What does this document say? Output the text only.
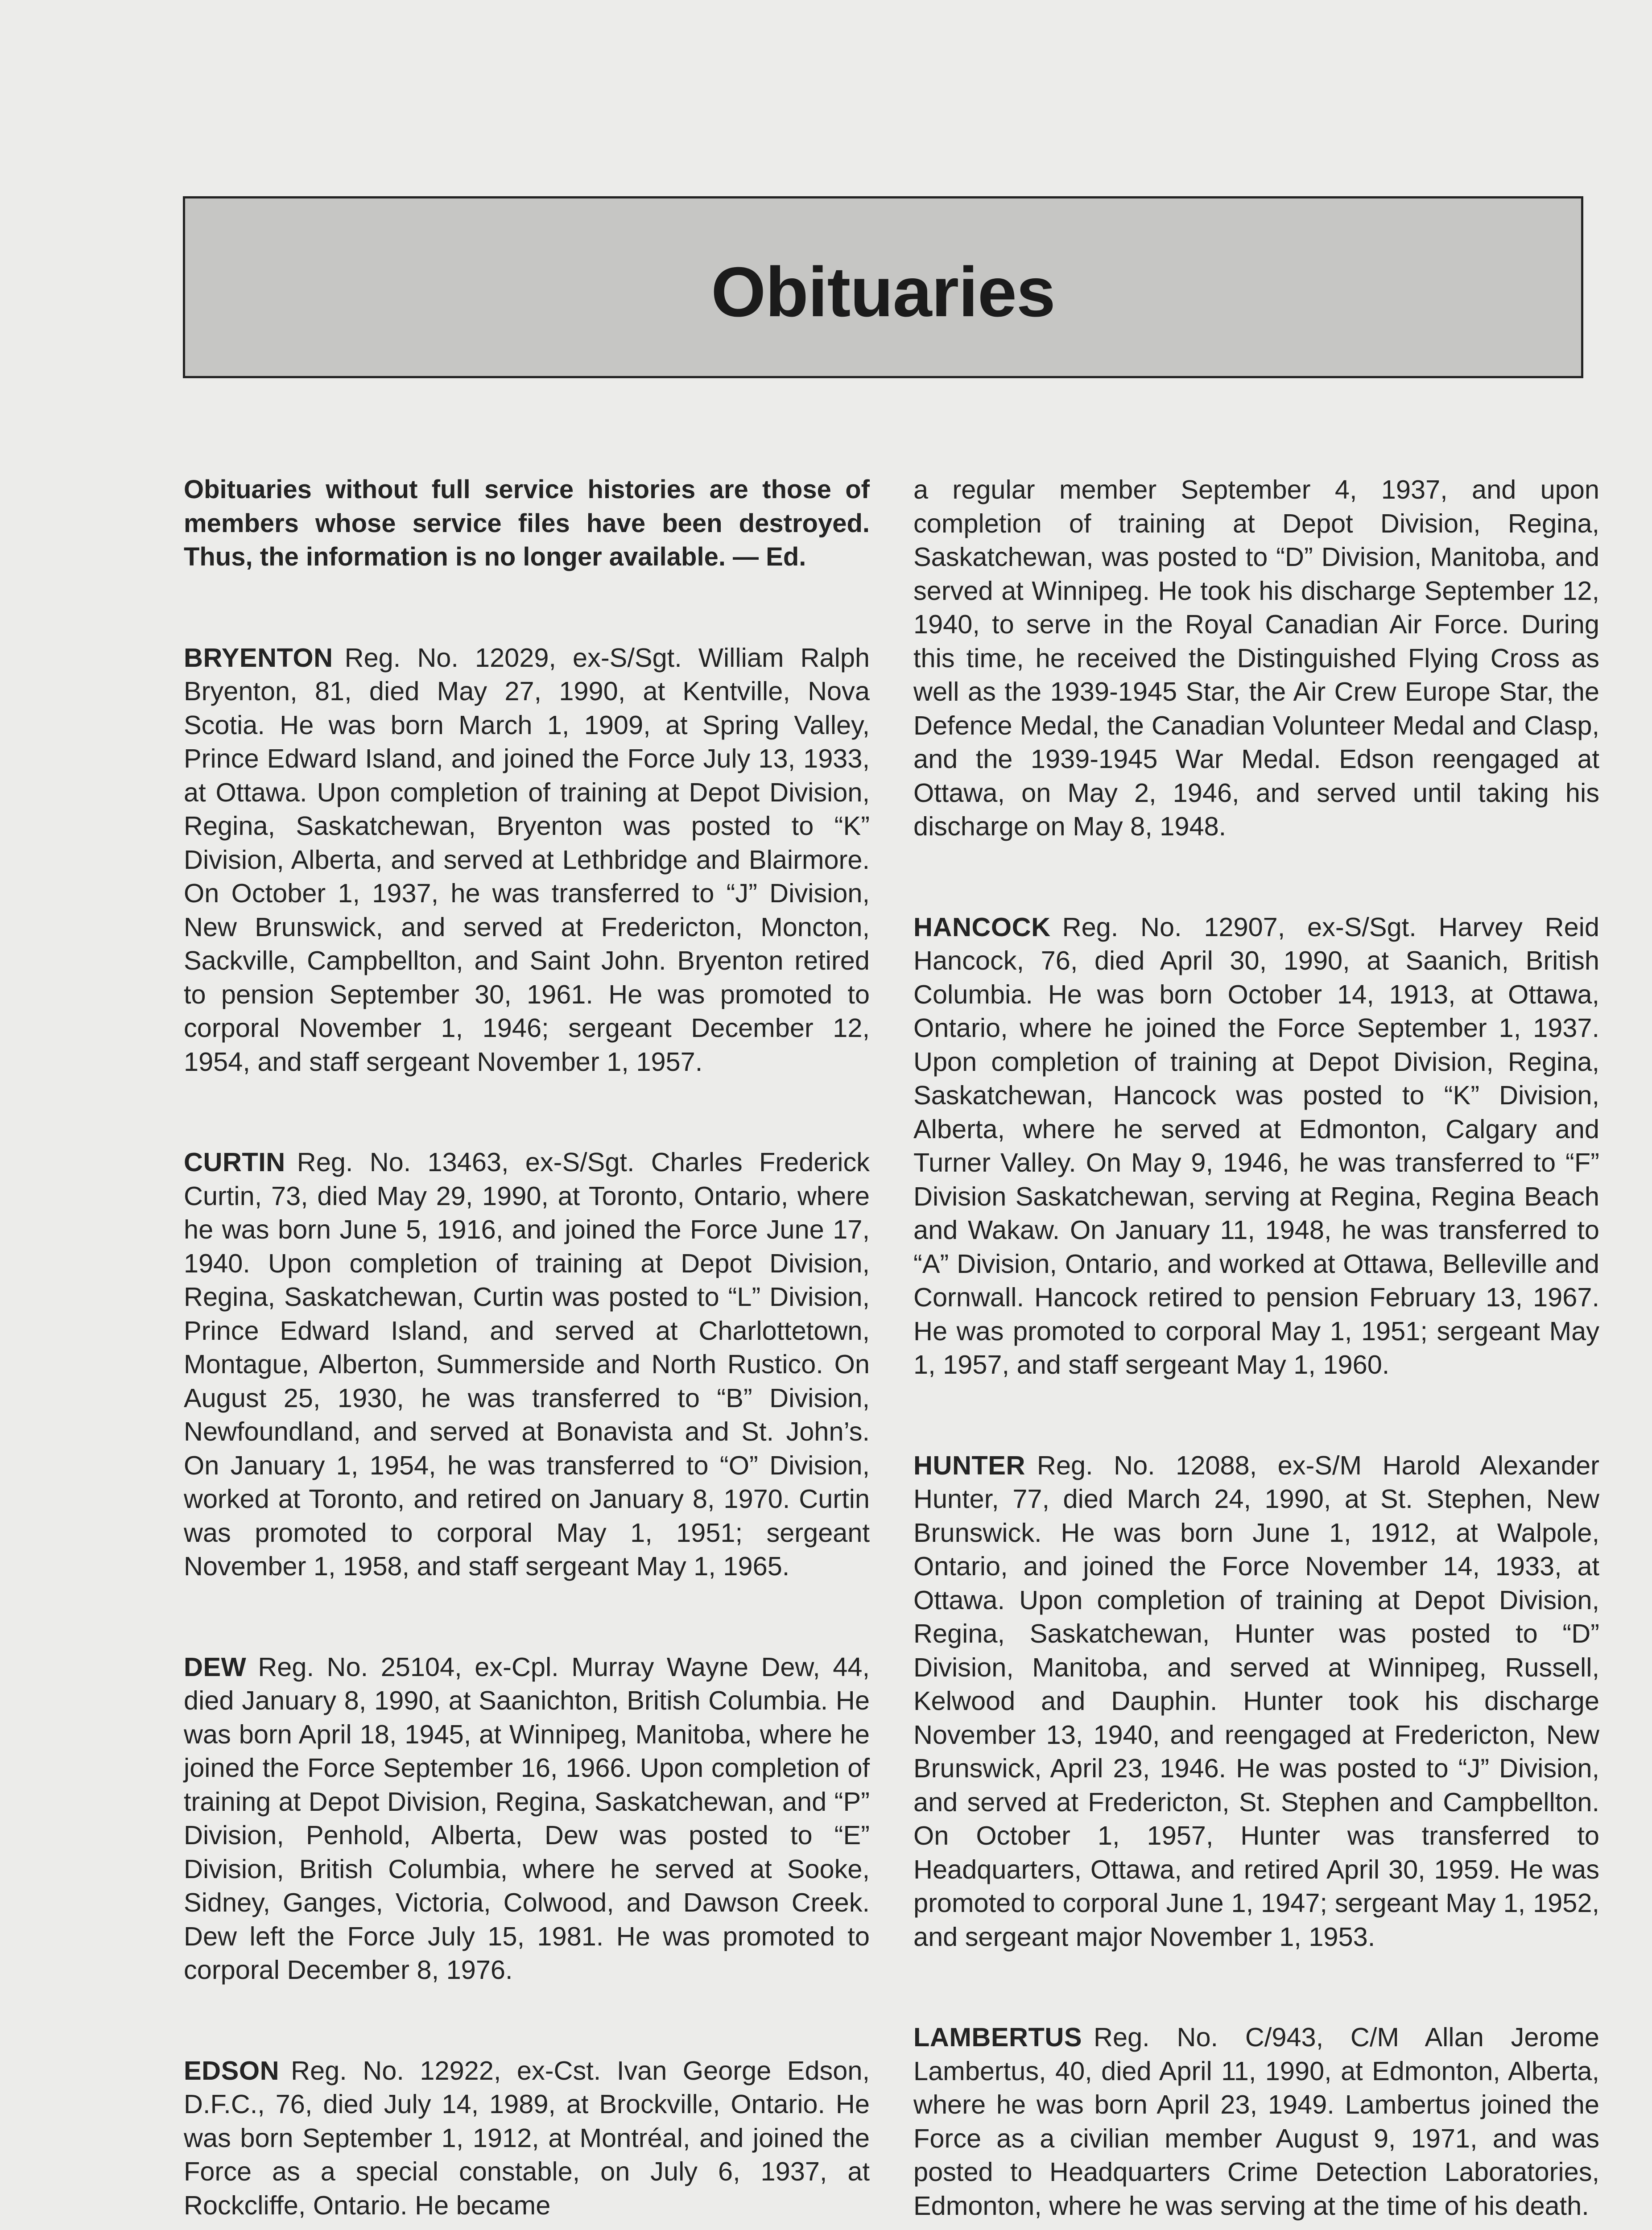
Obituaries

Obituaries without full service histories are those of members whose service files have been destroyed. Thus, the information is no longer available. — Ed.

BRYENTON Reg. No. 12029, ex-S/Sgt. William Ralph Bryenton, 81, died May 27, 1990, at Kentville, Nova Scotia. He was born March 1, 1909, at Spring Valley, Prince Edward Island, and joined the Force July 13, 1933, at Ottawa. Upon completion of training at Depot Division, Regina, Saskatchewan, Bryenton was posted to “K” Division, Alberta, and served at Lethbridge and Blairmore. On October 1, 1937, he was transferred to “J” Division, New Brunswick, and served at Fredericton, Moncton, Sackville, Campbellton, and Saint John. Bryenton retired to pension September 30, 1961. He was promoted to corporal November 1, 1946; sergeant December 12, 1954, and staff sergeant November 1, 1957.

CURTIN Reg. No. 13463, ex-S/Sgt. Charles Frederick Curtin, 73, died May 29, 1990, at Toronto, Ontario, where he was born June 5, 1916, and joined the Force June 17, 1940. Upon completion of training at Depot Division, Regina, Saskatchewan, Curtin was posted to “L” Division, Prince Edward Island, and served at Charlottetown, Montague, Alberton, Summerside and North Rustico. On August 25, 1930, he was transferred to “B” Division, Newfoundland, and served at Bonavista and St. John’s. On January 1, 1954, he was transferred to “O” Division, worked at Toronto, and retired on January 8, 1970. Curtin was promoted to corporal May 1, 1951; sergeant November 1, 1958, and staff sergeant May 1, 1965.

DEW Reg. No. 25104, ex-Cpl. Murray Wayne Dew, 44, died January 8, 1990, at Saanichton, British Columbia. He was born April 18, 1945, at Winnipeg, Manitoba, where he joined the Force September 16, 1966. Upon completion of training at Depot Division, Regina, Saskatchewan, and “P” Division, Penhold, Alberta, Dew was posted to “E” Division, British Columbia, where he served at Sooke, Sidney, Ganges, Victoria, Colwood, and Dawson Creek. Dew left the Force July 15, 1981. He was promoted to corporal December 8, 1976.

EDSON Reg. No. 12922, ex-Cst. Ivan George Edson, D.F.C., 76, died July 14, 1989, at Brockville, Ontario. He was born September 1, 1912, at Montréal, and joined the Force as a special constable, on July 6, 1937, at Rockcliffe, Ontario. He became

a regular member September 4, 1937, and upon completion of training at Depot Division, Regina, Saskatchewan, was posted to “D” Division, Manitoba, and served at Winnipeg. He took his discharge September 12, 1940, to serve in the Royal Canadian Air Force. During this time, he received the Distinguished Flying Cross as well as the 1939-1945 Star, the Air Crew Europe Star, the Defence Medal, the Canadian Volunteer Medal and Clasp, and the 1939-1945 War Medal. Edson reengaged at Ottawa, on May 2, 1946, and served until taking his discharge on May 8, 1948.

HANCOCK Reg. No. 12907, ex-S/Sgt. Harvey Reid Hancock, 76, died April 30, 1990, at Saanich, British Columbia. He was born October 14, 1913, at Ottawa, Ontario, where he joined the Force September 1, 1937. Upon completion of training at Depot Division, Regina, Saskatchewan, Hancock was posted to “K” Division, Alberta, where he served at Edmonton, Calgary and Turner Valley. On May 9, 1946, he was transferred to “F” Division Saskatchewan, serving at Regina, Regina Beach and Wakaw. On January 11, 1948, he was transferred to “A” Division, Ontario, and worked at Ottawa, Belleville and Cornwall. Hancock retired to pension February 13, 1967. He was promoted to corporal May 1, 1951; sergeant May 1, 1957, and staff sergeant May 1, 1960.

HUNTER Reg. No. 12088, ex-S/M Harold Alexander Hunter, 77, died March 24, 1990, at St. Stephen, New Brunswick. He was born June 1, 1912, at Walpole, Ontario, and joined the Force November 14, 1933, at Ottawa. Upon completion of training at Depot Division, Regina, Saskatchewan, Hunter was posted to “D” Division, Manitoba, and served at Winnipeg, Russell, Kelwood and Dauphin. Hunter took his discharge November 13, 1940, and reengaged at Fredericton, New Brunswick, April 23, 1946. He was posted to “J” Division, and served at Fredericton, St. Stephen and Campbellton. On October 1, 1957, Hunter was transferred to Headquarters, Ottawa, and retired April 30, 1959. He was promoted to corporal June 1, 1947; sergeant May 1, 1952, and sergeant major November 1, 1953.

LAMBERTUS Reg. No. C/943, C/M Allan Jerome Lambertus, 40, died April 11, 1990, at Edmonton, Alberta, where he was born April 23, 1949. Lambertus joined the Force as a civilian member August 9, 1971, and was posted to Headquarters Crime Detection Laboratories, Edmonton, where he was serving at the time of his death.
